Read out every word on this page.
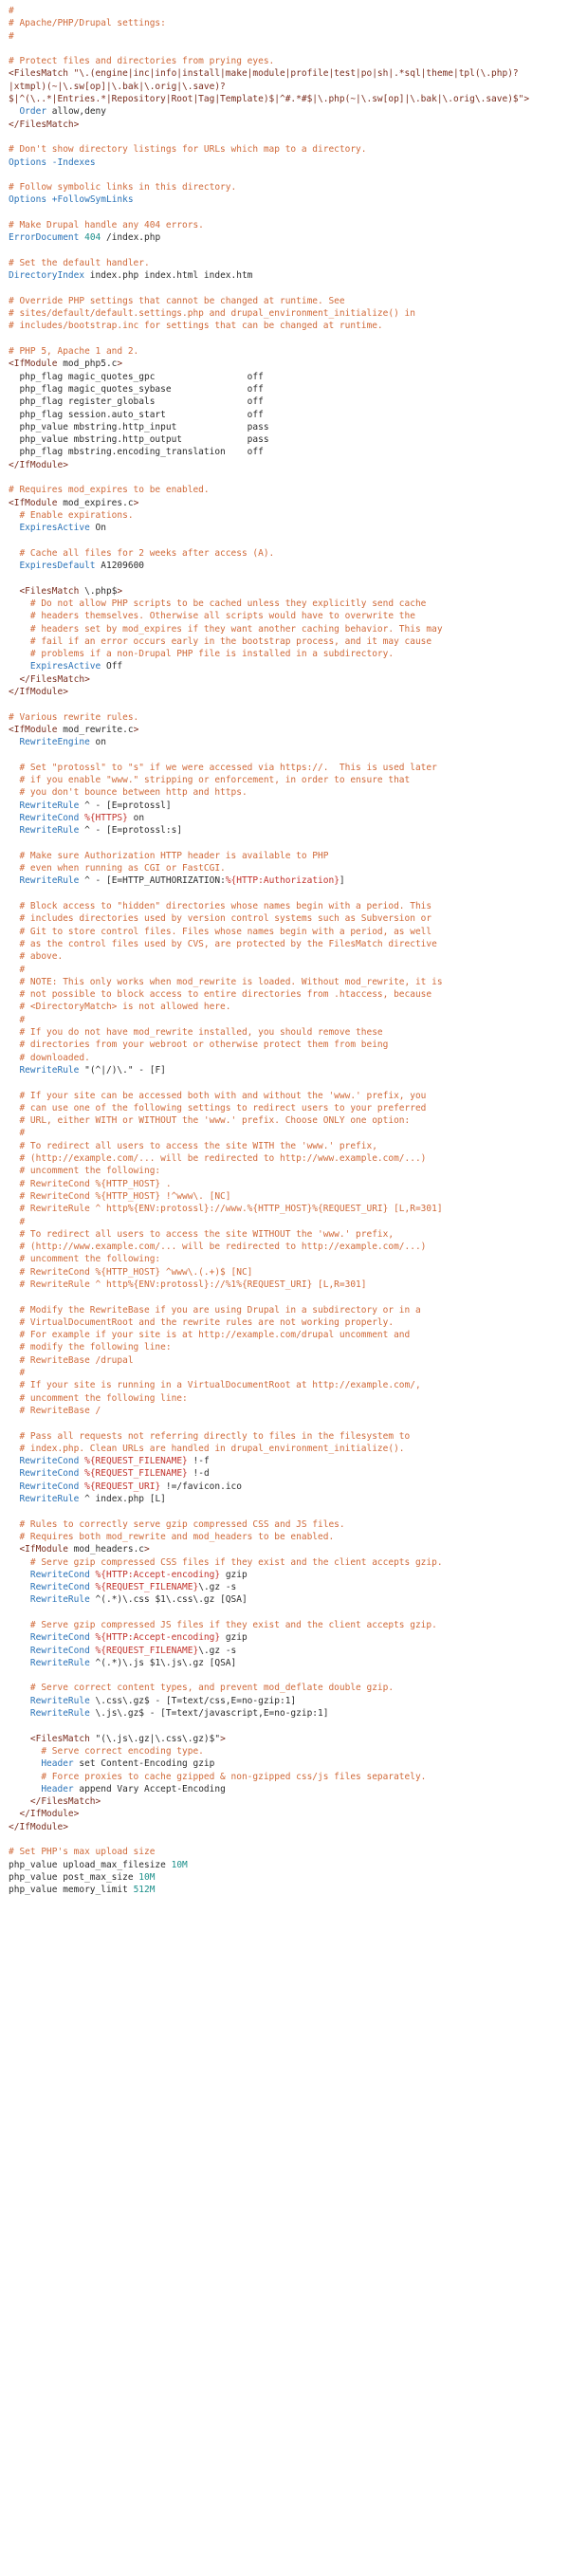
#
# Apache/PHP/Drupal settings:
#
# Protect files and directories from prying eyes.
<FilesMatch "\.(engine|inc|info|install|make|module|profile|test|po|sh|.*sql|theme|tpl(\.php)?
|xtmpl)(~|\.sw[op]|\.bak|\.orig|\.save)?
$|^(\..*|Entries.*|Repository|Root|Tag|Template)$|^#.*#$|\.php(~|\.sw[op]|\.bak|\.orig\.save)$">
Order allow,deny
</FilesMatch>
# Don't show directory listings for URLs which map to a directory.
Options -Indexes
# Follow symbolic links in this directory.
Options +FollowSymLinks
# Make Drupal handle any 404 errors.
ErrorDocument 404 /index.php
# Set the default handler.
DirectoryIndex index.php index.html index.htm
# Override PHP settings that cannot be changed at runtime. See
# sites/default/default.settings.php and drupal_environment_initialize() in
# includes/bootstrap.inc for settings that can be changed at runtime.
# PHP 5, Apache 1 and 2.
<IfModule mod_php5.c>
php_flag magic_quotes_gpc                 off
php_flag magic_quotes_sybase              off
php_flag register_globals                 off
php_flag session.auto_start               off
php_value mbstring.http_input             pass
php_value mbstring.http_output            pass
php_flag mbstring.encoding_translation    off
</IfModule>
# Requires mod_expires to be enabled.
<IfModule mod_expires.c>
# Enable expirations.
ExpiresActive On
# Cache all files for 2 weeks after access (A).
ExpiresDefault A1209600
<FilesMatch \.php$>
# Do not allow PHP scripts to be cached unless they explicitly send cache
# headers themselves. Otherwise all scripts would have to overwrite the
# headers set by mod_expires if they want another caching behavior. This may
# fail if an error occurs early in the bootstrap process, and it may cause
# problems if a non-Drupal PHP file is installed in a subdirectory.
ExpiresActive Off
</FilesMatch>
</IfModule>
# Various rewrite rules.
<IfModule mod_rewrite.c>
RewriteEngine on
# Set "protossl" to "s" if we were accessed via https://.  This is used later
# if you enable "www." stripping or enforcement, in order to ensure that
# you don't bounce between http and https.
RewriteRule ^ - [E=protossl]
RewriteCond %{HTTPS} on
RewriteRule ^ - [E=protossl:s]
# Make sure Authorization HTTP header is available to PHP
# even when running as CGI or FastCGI.
RewriteRule ^ - [E=HTTP_AUTHORIZATION:%{HTTP:Authorization}]
# Block access to "hidden" directories whose names begin with a period. This
# includes directories used by version control systems such as Subversion or
# Git to store control files. Files whose names begin with a period, as well
# as the control files used by CVS, are protected by the FilesMatch directive
# above.
#
# NOTE: This only works when mod_rewrite is loaded. Without mod_rewrite, it is
# not possible to block access to entire directories from .htaccess, because
# <DirectoryMatch> is not allowed here.
#
# If you do not have mod_rewrite installed, you should remove these
# directories from your webroot or otherwise protect them from being
# downloaded.
RewriteRule "(^|/)\." - [F]
# If your site can be accessed both with and without the 'www.' prefix, you
# can use one of the following settings to redirect users to your preferred
# URL, either WITH or WITHOUT the 'www.' prefix. Choose ONLY one option:
#
# To redirect all users to access the site WITH the 'www.' prefix,
# (http://example.com/... will be redirected to http://www.example.com/...)
# uncomment the following:
# RewriteCond %{HTTP_HOST} .
# RewriteCond %{HTTP_HOST} !^www\. [NC]
# RewriteRule ^ http%{ENV:protossl}://www.%{HTTP_HOST}%{REQUEST_URI} [L,R=301]
#
# To redirect all users to access the site WITHOUT the 'www.' prefix,
# (http://www.example.com/... will be redirected to http://example.com/...)
# uncomment the following:
# RewriteCond %{HTTP_HOST} ^www\.(.+)$ [NC]
# RewriteRule ^ http%{ENV:protossl}://%1%{REQUEST_URI} [L,R=301]
# Modify the RewriteBase if you are using Drupal in a subdirectory or in a
# VirtualDocumentRoot and the rewrite rules are not working properly.
# For example if your site is at http://example.com/drupal uncomment and
# modify the following line:
# RewriteBase /drupal
#
# If your site is running in a VirtualDocumentRoot at http://example.com/,
# uncomment the following line:
# RewriteBase /
# Pass all requests not referring directly to files in the filesystem to
# index.php. Clean URLs are handled in drupal_environment_initialize().
RewriteCond %{REQUEST_FILENAME} !-f
RewriteCond %{REQUEST_FILENAME} !-d
RewriteCond %{REQUEST_URI} !=/favicon.ico
RewriteRule ^ index.php [L]
# Rules to correctly serve gzip compressed CSS and JS files.
# Requires both mod_rewrite and mod_headers to be enabled.
<IfModule mod_headers.c>
# Serve gzip compressed CSS files if they exist and the client accepts gzip.
RewriteCond %{HTTP:Accept-encoding} gzip
RewriteCond %{REQUEST_FILENAME}\.gz -s
RewriteRule ^(.*)\.css $1\.css\.gz [QSA]
# Serve gzip compressed JS files if they exist and the client accepts gzip.
RewriteCond %{HTTP:Accept-encoding} gzip
RewriteCond %{REQUEST_FILENAME}\.gz -s
RewriteRule ^(.*)\.js $1\.js\.gz [QSA]
# Serve correct content types, and prevent mod_deflate double gzip.
RewriteRule \.css\.gz$ - [T=text/css,E=no-gzip:1]
RewriteRule \.js\.gz$ - [T=text/javascript,E=no-gzip:1]
<FilesMatch "(\.js\.gz|\.css\.gz)$">
# Serve correct encoding type.
Header set Content-Encoding gzip
# Force proxies to cache gzipped & non-gzipped css/js files separately.
Header append Vary Accept-Encoding
</FilesMatch>
</IfModule>
</IfModule>
# Set PHP's max upload size
php_value upload_max_filesize 10M
php_value post_max_size 10M
php_value memory_limit 512M
